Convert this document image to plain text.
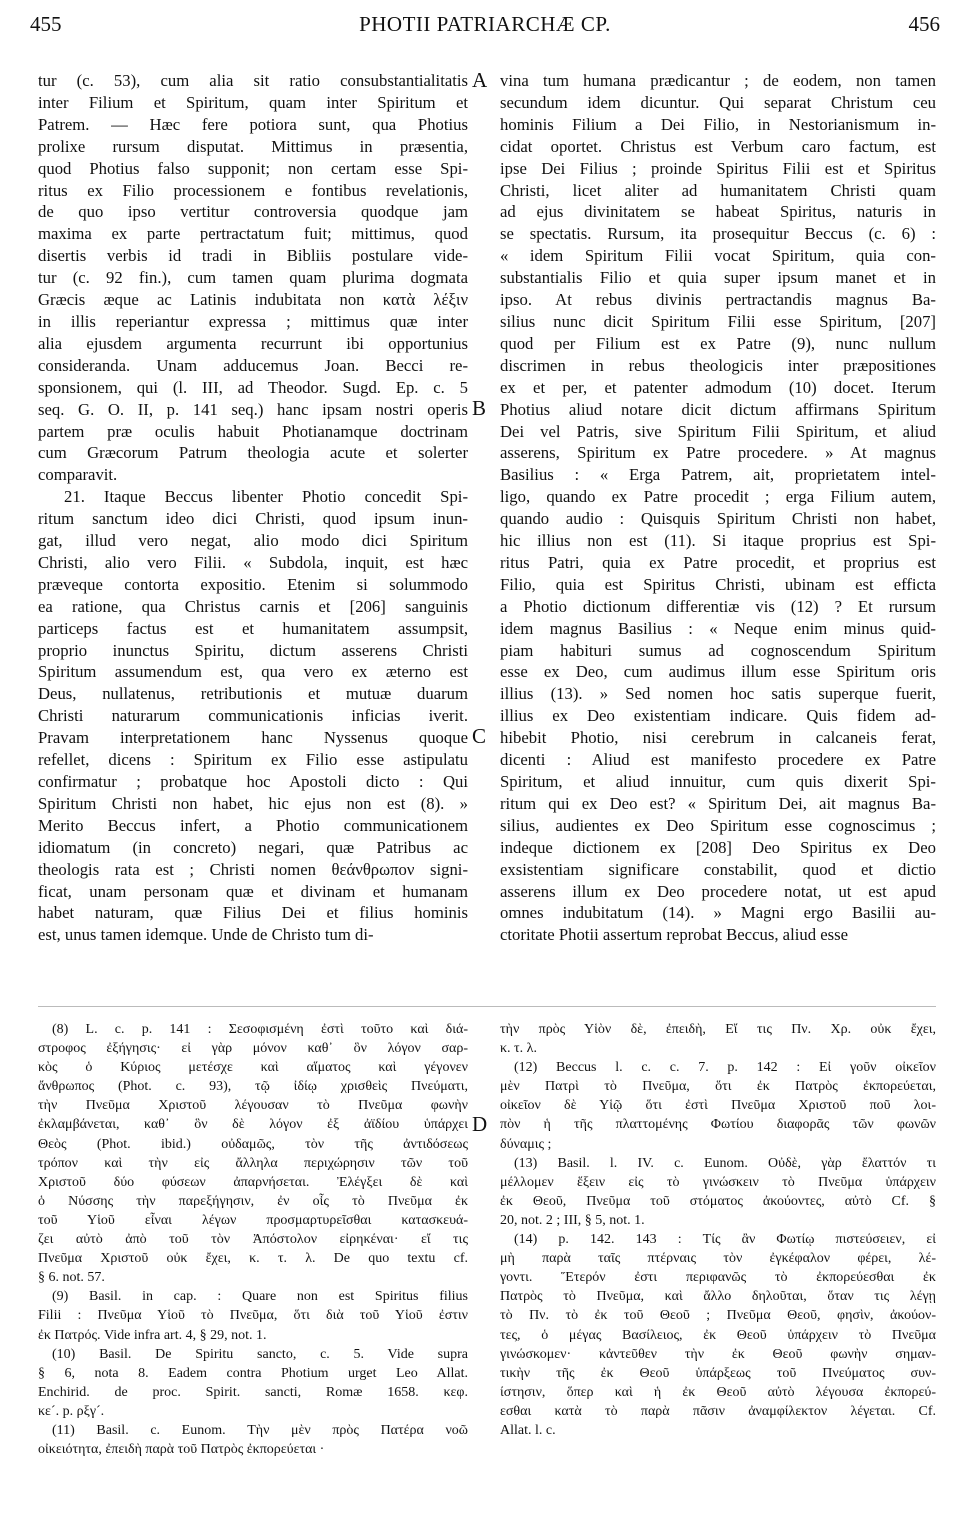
455	PHOTII PATRIARCHÆ CP.	456
tur (c. 53), cum alia sit ratio consubstantialitatis
inter Filium et Spiritum, quam inter Spiritum et
Patrem. — Hæc fere potiora sunt, qua Photius
prolixe rursum disputat. Mittimus in præsentia,
quod Photius falso supponit; non certam esse Spi-
ritus ex Filio processionem e fontibus revelationis,
de quo ipso vertitur controversia quodque jam
maxima ex parte pertractatum fuit; mittimus, quod
disertis verbis id tradi in Bibliis postulare vide-
tur (c. 92 fin.), cum tamen quam plurima dogmata
Græcis æque ac Latinis indubitata non κατὰ λέξιν
in illis reperiantur expressa ; mittimus quæ inter
alia ejusdem argumenta recurrunt ibi opportunius
consideranda. Unam adducemus Joan. Becci re-
sponsionem, qui (l. III, ad Theodor. Sugd. Ep. c. 5
seq. G. O. II, p. 141 seq.) hanc ipsam nostri operis
partem præ oculis habuit Photianamque doctrinam
cum Græcorum Patrum theologia acute et solerter
comparavit.
21. Itaque Beccus libenter Photio concedit Spi-
ritum sanctum ideo dici Christi, quod ipsum inun-
gat, illud vero negat, alio modo dici Spiritum
Christi, alio vero Filii. « Subdola, inquit, est hæc
præveque contorta expositio. Etenim si solummodo
ea ratione, qua Christus carnis et [206] sanguinis
particeps factus est et humanitatem assumpsit,
proprio inunctus Spiritu, dictum asserens Christi
Spiritum assumendum est, qua vero ex æterno est
Deus, nullatenus, retributionis et mutuæ duarum
Christi naturarum communicationis inficias iverit.
Pravam interpretationem hanc Nyssenus quoque
refellet, dicens : Spiritum ex Filio esse astipulatu
confirmatur ; probatque hoc Apostoli dicto : Qui
Spiritum Christi non habet, hic ejus non est (8). »
Merito Beccus infert, a Photio communicationem
idiomatum (in concreto) negari, quæ Patribus ac
theologis rata est ; Christi nomen θεάνθρωπον signi-
ficat, unam personam quæ et divinam et humanam
habet naturam, quæ Filius Dei et filius hominis
est, unus tamen idemque. Unde de Christo tum di-
vina tum humana prædicantur ; de eodem, non tamen
secundum idem dicuntur. Qui separat Christum ceu
hominis Filium a Dei Filio, in Nestorianismum in-
cidat oportet. Christus est Verbum caro factum, est
ipse Dei Filius ; proinde Spiritus Filii est et Spiritus
Christi, licet aliter ad humanitatem Christi quam
ad ejus divinitatem se habeat Spiritus, naturis in
se spectatis. Rursum, ita prosequitur Beccus (c. 6) :
« idem Spiritum Filii vocat Spiritum, quia con-
substantialis Filio et quia super ipsum manet et in
ipso. At rebus divinis pertractandis magnus Ba-
silius nunc dicit Spiritum Filii esse Spiritum, [207]
quod per Filium est ex Patre (9), nunc nullum
discrimen in rebus theologicis inter præpositiones
ex et per, et patenter admodum (10) docet. Iterum
Photius aliud notare dicit dictum affirmans Spiritum
Dei vel Patris, sive Spiritum Filii Spiritum, et aliud
asserens, Spiritum ex Patre procedere. » At magnus
Basilius : « Erga Patrem, ait, proprietatem intel-
ligo, quando ex Patre procedit ; erga Filium autem,
quando audio : Quisquis Spiritum Christi non habet,
hic illius non est (11). Si itaque proprius est Spi-
ritus Patri, quia ex Patre procedit, et proprius est
Filio, quia est Spiritus Christi, ubinam est efficta
a Photio dictionum differentiæ vis (12) ? Et rursum
idem magnus Basilius : « Neque enim minus quid-
piam habituri sumus ad cognoscendum Spiritum
esse ex Deo, cum audimus illum esse Spiritum oris
illius (13). » Sed nomen hoc satis superque fuerit,
illius ex Deo existentiam indicare. Quis fidem ad-
hibebit Photio, nisi cerebrum in calcaneis ferat,
dicenti : Aliud est manifesto procedere ex Patre
Spiritum, et aliud innuitur, cum quis dixerit Spi-
ritum qui ex Deo est? « Spiritum Dei, ait magnus Ba-
silius, audientes ex Deo Spiritum esse cognoscimus ;
indeque dictionem ex [208] Deo Spiritus ex Deo
exsistentiam significare constabilit, quod et dictio
asserens illum ex Deo procedere notat, ut est apud
omnes indubitatum (14). » Magni ergo Basilii au-
ctoritate Photii assertum reprobat Beccus, aliud esse
A
B
C
D
(8) L. c. p. 141 : Σεσοφισμένη ἐστὶ τοῦτο καὶ διά-
στροφος ἐξήγησις· εἰ γὰρ μόνον καθ᾽ ὃν λόγον σαρ-
κὸς ὁ Κύριος μετέσχε καὶ αἵματος καὶ γέγονεν
ἄνθρωπος (Phot. c. 93), τῷ ἰδίῳ χρισθεὶς Πνεύματι,
τὴν Πνεῦμα Χριστοῦ λέγουσαν τὸ Πνεῦμα φωνὴν
ἐκλαμβάνεται, καθ᾽ ὃν δὲ λόγον ἐξ ἀϊδίου ὑπάρχει
Θεὸς (Phot. ibid.) οὐδαμῶς, τὸν τῆς ἀντιδόσεως
τρόπον καὶ τὴν εἰς ἄλληλα περιχώρησιν τῶν τοῦ
Χριστοῦ δύο φύσεων ἀπαρνήσεται. Ἐλέγξει δὲ καὶ
ὁ Νύσσης τὴν παρεξήγησιν, ἐν οἷς τὸ Πνεῦμα ἐκ
τοῦ Υἱοῦ εἶναι λέγων προσμαρτυρεῖσθαι κατασκευά-
ζει αὐτὸ ἀπὸ τοῦ τὸν Ἀπόστολον εἰρηκέναι· εἴ τις
Πνεῦμα Χριστοῦ οὐκ ἔχει, κ. τ. λ. De quo textu cf.
§ 6. not. 57.
(9) Basil. in cap. : Quare non est Spiritus filius
Filii : Πνεῦμα Υἱοῦ τὸ Πνεῦμα, ὅτι διὰ τοῦ Υἱοῦ ἐστιν
ἐκ Πατρός. Vide infra art. 4, § 29, not. 1.
(10) Basil. De Spiritu sancto, c. 5. Vide supra
§ 6, nota 8. Eadem contra Photium urget Leo Allat.
Enchirid. de proc. Spirit. sancti, Romæ 1658. κεφ.
κε´. p. ρξγ´.
(11) Basil. c. Eunom. Τὴν μὲν πρὸς Πατέρα νοῶ
οἰκειότητα, ἐπειδὴ παρὰ τοῦ Πατρὸς ἐκπορεύεται ·
τὴν πρὸς Υἱὸν δὲ, ἐπειδὴ, Εἴ τις Πν. Χρ. οὐκ ἔχει,
κ. τ. λ.
(12) Beccus l. c. c. 7. p. 142 : Εἰ γοῦν οἰκεῖον
μὲν Πατρὶ τὸ Πνεῦμα, ὅτι ἐκ Πατρὸς ἐκπορεύεται,
οἰκεῖον δὲ Υἱῷ ὅτι ἐστὶ Πνεῦμα Χριστοῦ ποῦ λοι-
πὸν ἡ τῆς πλαττομένης Φωτίου διαφορᾶς τῶν φωνῶν
δύναμις ;
(13) Basil. l. IV. c. Eunom. Οὐδὲ, γὰρ ἔλαττόν τι
μέλλομεν ἕξειν εἰς τὸ γινώσκειν τὸ Πνεῦμα ὑπάρχειν
ἐκ Θεοῦ, Πνεῦμα τοῦ στόματος ἀκούοντες, αὐτὸ Cf. §
20, not. 2 ; III, § 5, not. 1.
(14) p. 142. 143 : Τίς ἂν Φωτίῳ πιστεύσειεν, εἰ
μὴ παρὰ ταῖς πτέρναις τὸν ἐγκέφαλον φέρει, λέ-
γοντι. Ἕτερόν ἐστι περιφανῶς τὸ ἐκπορεύεσθαι ἐκ
Πατρὸς τὸ Πνεῦμα, καὶ ἄλλο δηλοῦται, ὅταν τις λέγῃ
τὸ Πν. τὸ ἐκ τοῦ Θεοῦ ; Πνεῦμα Θεοῦ, φησὶν, ἀκούον-
τες, ὁ μέγας Βασίλειος, ἐκ Θεοῦ ὑπάρχειν τὸ Πνεῦμα
γινώσκομεν· κἀντεῦθεν τὴν ἐκ Θεοῦ φωνὴν σημαν-
τικὴν τῆς ἐκ Θεοῦ ὑπάρξεως τοῦ Πνεύματος συν-
ίστησιν, ὅπερ καὶ ἡ ἐκ Θεοῦ αὐτὸ λέγουσα ἐκπορεύ-
εσθαι κατὰ τὸ παρὰ πᾶσιν ἀναμφίλεκτον λέγεται. Cf.
Allat. l. c.
